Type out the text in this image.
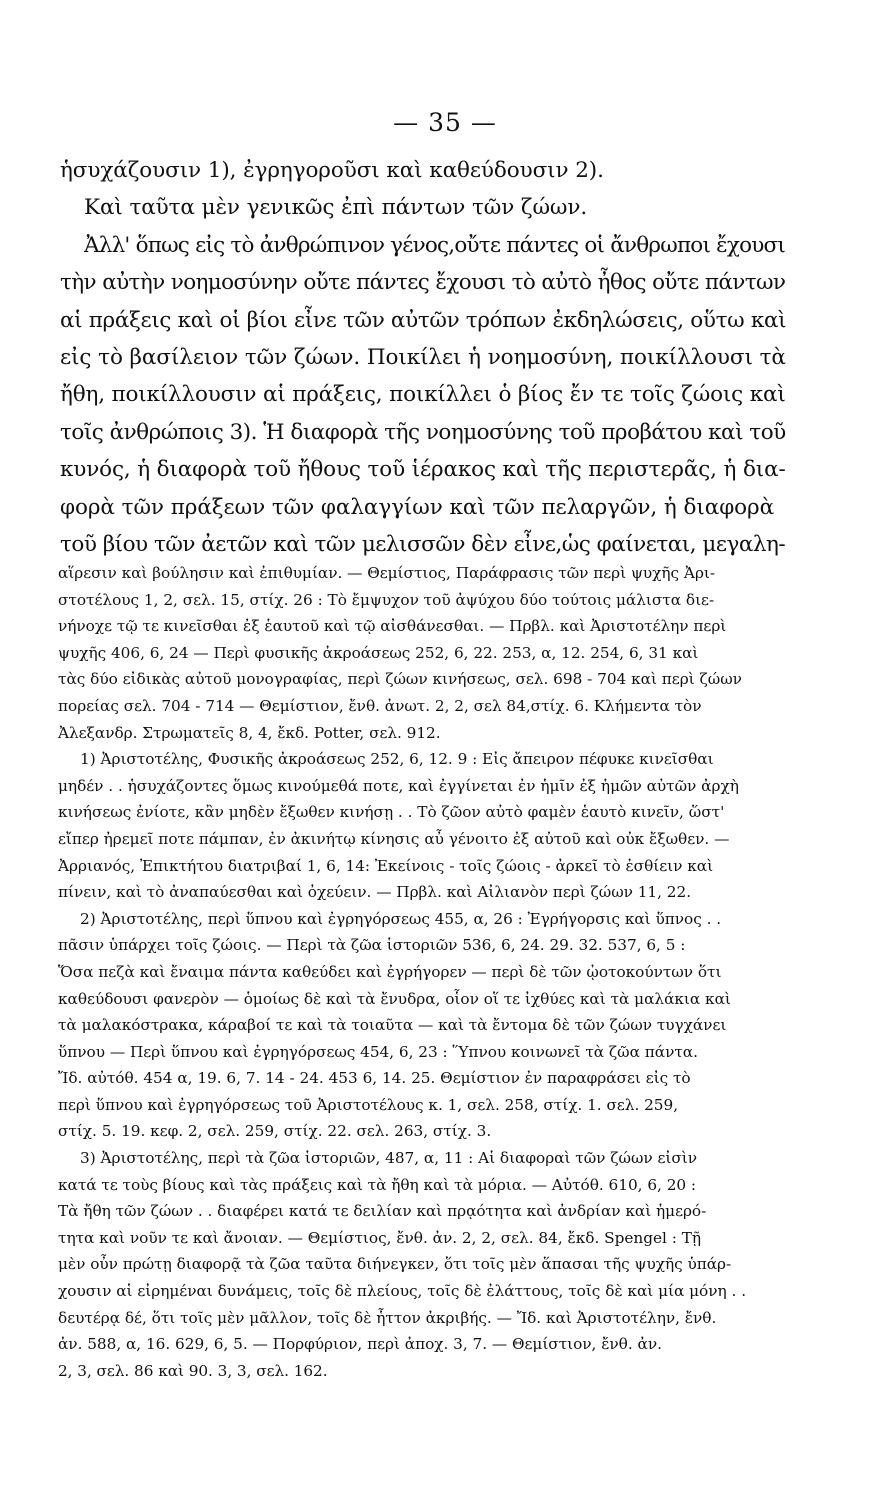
— 35 —
ἡσυχάζουσιν 1), ἐγρηγοροῦσι καὶ καθεύδουσιν 2).
Καὶ ταῦτα μὲν γενικῶς ἐπὶ πάντων τῶν ζώων.
Ἀλλ' ὅπως εἰς τὸ ἀνθρώπινον γένος,οὔτε πάντες οἱ ἄνθρωποι ἔχουσι
τὴν αὐτὴν νοημοσύνην οὔτε πάντες ἔχουσι τὸ αὐτὸ ἦθος οὔτε πάντων
αἱ πράξεις καὶ οἱ βίοι εἶνε τῶν αὐτῶν τρόπων ἐκδηλώσεις, οὕτω καὶ
εἰς τὸ βασίλειον τῶν ζώων. Ποικίλει ἡ νοημοσύνη, ποικίλλουσι τὰ
ἤθη, ποικίλλουσιν αἱ πράξεις, ποικίλλει ὁ βίος ἔν τε τοῖς ζώοις καὶ
τοῖς ἀνθρώποις 3). Ἡ διαφορὰ τῆς νοημοσύνης τοῦ προβάτου καὶ τοῦ
κυνός, ἡ διαφορὰ τοῦ ἤθους τοῦ ἱέρακος καὶ τῆς περιστερᾶς, ἡ δια-
φορὰ τῶν πράξεων τῶν φαλαγγίων καὶ τῶν πελαργῶν, ἡ διαφορὰ
τοῦ βίου τῶν ἀετῶν καὶ τῶν μελισσῶν δὲν εἶνε,ὡς φαίνεται, μεγαλη-
αἵρεσιν καὶ βούλησιν καὶ ἐπιθυμίαν. — Θεμίστιος, Παράφρασις τῶν περὶ ψυχῆς Ἀρι-
στοτέλους 1, 2, σελ. 15, στίχ. 26 : Τὸ ἔμψυχον τοῦ ἀψύχου δύο τούτοις μάλιστα διε-
νήνοχε τῷ τε κινεῖσθαι ἐξ ἑαυτοῦ καὶ τῷ αἰσθάνεσθαι. — Πρβλ. καὶ Ἀριστοτέλην περὶ
ψυχῆς 406, 6, 24 — Περὶ φυσικῆς ἀκροάσεως 252, 6, 22. 253, α, 12. 254, 6, 31 καὶ
τὰς δύο εἰδικὰς αὐτοῦ μονογραφίας, περὶ ζώων κινήσεως, σελ. 698 - 704 καὶ περὶ ζώων
πορείας σελ. 704 - 714 — Θεμίστιον, ἔνθ. ἀνωτ. 2, 2, σελ 84,στίχ. 6. Κλήμεντα τὸν
Ἀλεξανδρ. Στρωματεῖς 8, 4, ἔκδ. Potter, σελ. 912.
1) Ἀριστοτέλης, Φυσικῆς ἀκροάσεως 252, 6, 12. 9 : Εἰς ἄπειρον πέφυκε κινεῖσθαι
μηδέν . . ἡσυχάζοντες ὅμως κινούμεθά ποτε, καὶ ἐγγίνεται ἐν ἡμῖν ἐξ ἡμῶν αὐτῶν ἀρχὴ
κινήσεως ἐνίοτε, κἂν μηδὲν ἔξωθεν κινήσῃ . . Τὸ ζῶον αὐτὸ φαμὲν ἑαυτὸ κινεῖν, ὥστ'
εἴπερ ἠρεμεῖ ποτε πάμπαν, ἐν ἀκινήτῳ κίνησις αὖ γένοιτο ἐξ αὐτοῦ καὶ οὐκ ἔξωθεν. —
Ἀρριανός, Ἐπικτήτου διατριβαί 1, 6, 14: Ἐκείνοις - τοῖς ζώοις - ἀρκεῖ τὸ ἐσθίειν καὶ
πίνειν, καὶ τὸ ἀναπαύεσθαι καὶ ὀχεύειν. — Πρβλ. καὶ Αἰλιανὸν περὶ ζώων 11, 22.
2) Ἀριστοτέλης, περὶ ὕπνου καὶ ἐγρηγόρσεως 455, α, 26 : Ἐγρήγορσις καὶ ὕπνος . .
πᾶσιν ὑπάρχει τοῖς ζώοις. — Περὶ τὰ ζῶα ἱστοριῶν 536, 6, 24. 29. 32. 537, 6, 5 :
Ὅσα πεζὰ καὶ ἔναιμα πάντα καθεύδει καὶ ἐγρήγορεν — περὶ δὲ τῶν ᾠοτοκούντων ὅτι
καθεύδουσι φανερὸν — ὁμοίως δὲ καὶ τὰ ἔνυδρα, οἷον οἵ τε ἰχθύες καὶ τὰ μαλάκια καὶ
τὰ μαλακόστρακα, κάραβοί τε καὶ τὰ τοιαῦτα — καὶ τὰ ἔντομα δὲ τῶν ζώων τυγχάνει
ὕπνου — Περὶ ὕπνου καὶ ἐγρηγόρσεως 454, 6, 23 : Ὕπνου κοινωνεῖ τὰ ζῶα πάντα.
Ἴδ. αὐτόθ. 454 α, 19. 6, 7. 14 - 24. 453 6, 14. 25. Θεμίστιον ἐν παραφράσει εἰς τὸ
περὶ ὕπνου καὶ ἐγρηγόρσεως τοῦ Ἀριστοτέλους κ. 1, σελ. 258, στίχ. 1. σελ. 259,
στίχ. 5. 19. κεφ. 2, σελ. 259, στίχ. 22. σελ. 263, στίχ. 3.
3) Ἀριστοτέλης, περὶ τὰ ζῶα ἱστοριῶν, 487, α, 11 : Αἱ διαφοραὶ τῶν ζώων εἰσὶν
κατά τε τοὺς βίους καὶ τὰς πράξεις καὶ τὰ ἤθη καὶ τὰ μόρια. — Αὐτόθ. 610, 6, 20 :
Τὰ ἤθη τῶν ζώων . . διαφέρει κατά τε δειλίαν καὶ πρᾳότητα καὶ ἀνδρίαν καὶ ἡμερό-
τητα καὶ νοῦν τε καὶ ἄνοιαν. — Θεμίστιος, ἔνθ. ἀν. 2, 2, σελ. 84, ἔκδ. Spengel : Τῇ
μὲν οὖν πρώτῃ διαφορᾷ τὰ ζῶα ταῦτα διήνεγκεν, ὅτι τοῖς μὲν ἅπασαι τῆς ψυχῆς ὑπάρ-
χουσιν αἱ εἰρημέναι δυνάμεις, τοῖς δὲ πλείους, τοῖς δὲ ἐλάττους, τοῖς δὲ καὶ μία μόνη . .
δευτέρᾳ δέ, ὅτι τοῖς μὲν μᾶλλον, τοῖς δὲ ἧττον ἀκριβής. — Ἴδ. καὶ Ἀριστοτέλην, ἔνθ.
ἀν. 588, α, 16. 629, 6, 5. — Πορφύριον, περὶ ἀποχ. 3, 7. — Θεμίστιον, ἔνθ. ἀν.
2, 3, σελ. 86 καὶ 90. 3, 3, σελ. 162.
